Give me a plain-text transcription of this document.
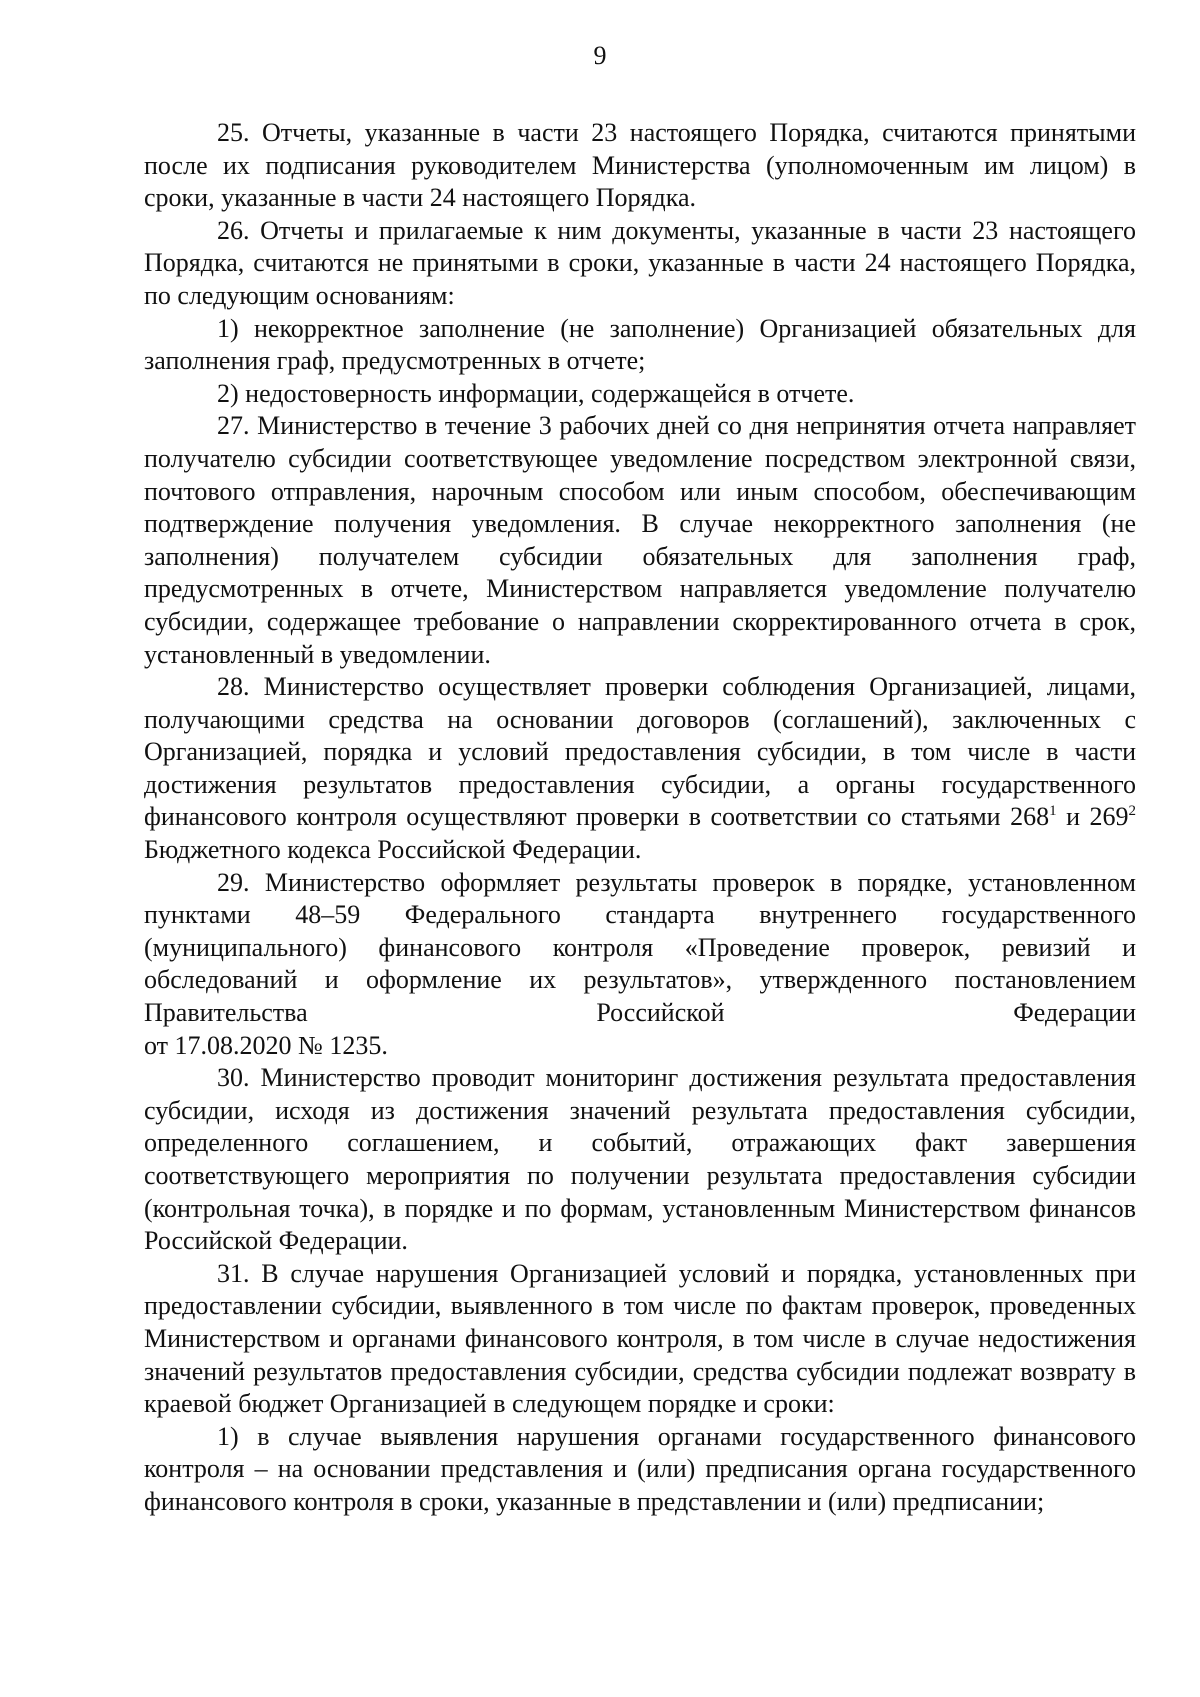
9

25. Отчеты, указанные в части 23 настоящего Порядка, считаются принятыми после их подписания руководителем Министерства (уполномоченным им лицом) в сроки, указанные в части 24 настоящего Порядка.

26. Отчеты и прилагаемые к ним документы, указанные в части 23 настоящего Порядка, считаются не принятыми в сроки, указанные в части 24 настоящего Порядка, по следующим основаниям:

1) некорректное заполнение (не заполнение) Организацией обязательных для заполнения граф, предусмотренных в отчете;

2) недостоверность информации, содержащейся в отчете.

27. Министерство в течение 3 рабочих дней со дня непринятия отчета направляет получателю субсидии соответствующее уведомление посредством электронной связи, почтового отправления, нарочным способом или иным способом, обеспечивающим подтверждение получения уведомления. В случае некорректного заполнения (не заполнения) получателем субсидии обязательных для заполнения граф, предусмотренных в отчете, Министерством направляется уведомление получателю субсидии, содержащее требование о направлении скорректированного отчета в срок, установленный в уведомлении.

28. Министерство осуществляет проверки соблюдения Организацией, лицами, получающими средства на основании договоров (соглашений), заключенных с Организацией, порядка и условий предоставления субсидии, в том числе в части достижения результатов предоставления субсидии, а органы государственного финансового контроля осуществляют проверки в соответствии со статьями $268^1$ и $269^2$ Бюджетного кодекса Российской Федерации.

29. Министерство оформляет результаты проверок в порядке, установленном пунктами 48–59 Федерального стандарта внутреннего государственного (муниципального) финансового контроля «Проведение проверок, ревизий и обследований и оформление их результатов», утвержденного постановлением Правительства Российской Федерации

от 17.08.2020 № 1235.

30. Министерство проводит мониторинг достижения результата предоставления субсидии, исходя из достижения значений результата предоставления субсидии, определенного соглашением, и событий, отражающих факт завершения соответствующего мероприятия по получении результата предоставления субсидии (контрольная точка), в порядке и по формам, установленным Министерством финансов Российской Федерации.

31. В случае нарушения Организацией условий и порядка, установленных при предоставлении субсидии, выявленного в том числе по фактам проверок, проведенных Министерством и органами финансового контроля, в том числе в случае недостижения значений результатов предоставления субсидии, средства субсидии подлежат возврату в краевой бюджет Организацией в следующем порядке и сроки:

1) в случае выявления нарушения органами государственного финансового контроля – на основании представления и (или) предписания органа государственного финансового контроля в сроки, указанные в представлении и (или) предписании;
